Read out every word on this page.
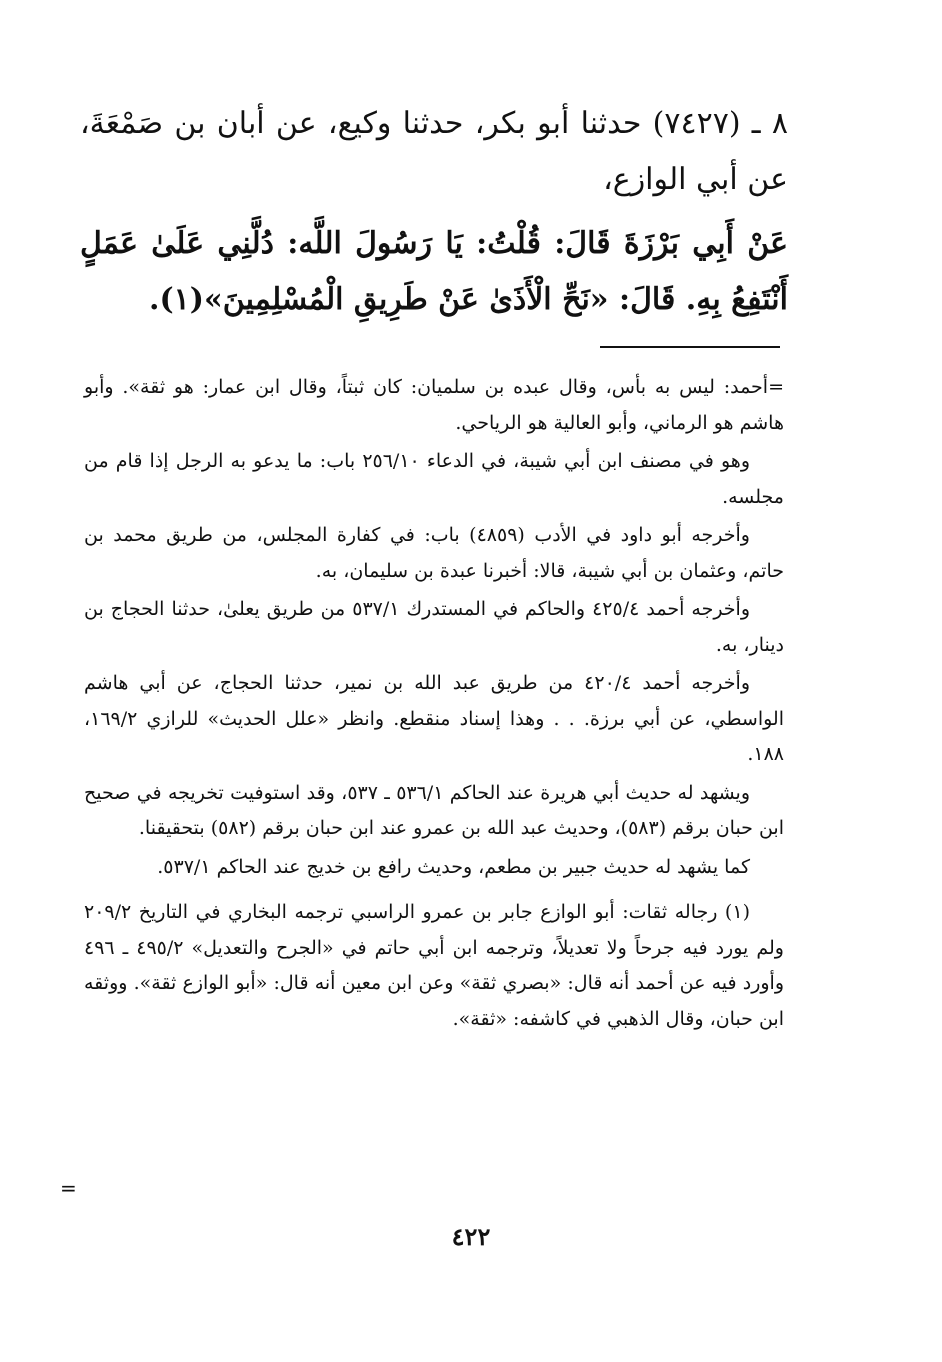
٨ ـ (٧٤٢٧) حدثنا أبو بكر، حدثنا وكيع، عن أبان بن صَمْعَةَ، عن أبي الوازع،

عَنْ أَبِي بَرْزَةَ قَالَ: قُلْتُ: يَا رَسُولَ اللَّه: دُلَّنِي عَلَىٰ عَمَلٍ أَنْتَفِعُ بِهِ. قَالَ: «نَحِّ الْأَذَىٰ عَنْ طَرِيقِ الْمُسْلِمِينَ»(١).

=أحمد: ليس به بأس، وقال عبده بن سلميان: كان ثبتاً، وقال ابن عمار: هو ثقة». وأبو هاشم هو الرماني، وأبو العالية هو الرياحي.

وهو في مصنف ابن أبي شيبة، في الدعاء ٢٥٦/١٠ باب: ما يدعو به الرجل إذا قام من مجلسه.

وأخرجه أبو داود في الأدب (٤٨٥٩) باب: في كفارة المجلس، من طريق محمد بن حاتم، وعثمان بن أبي شيبة، قالا: أخبرنا عبدة بن سليمان، به.

وأخرجه أحمد ٤٢٥/٤ والحاكم في المستدرك ٥٣٧/١ من طريق يعلىٰ، حدثنا الحجاج بن دينار، به.

وأخرجه أحمد ٤٢٠/٤ من طريق عبد الله بن نمير، حدثنا الحجاج، عن أبي هاشم الواسطي، عن أبي برزة. . . وهذا إسناد منقطع. وانظر «علل الحديث» للرازي ١٦٩/٢، ١٨٨.

ويشهد له حديث أبي هريرة عند الحاكم ٥٣٦/١ ـ ٥٣٧، وقد استوفيت تخريجه في صحيح ابن حبان برقم (٥٨٣)، وحديث عبد الله بن عمرو عند ابن حبان برقم (٥٨٢) بتحقيقنا.

كما يشهد له حديث جبير بن مطعم، وحديث رافع بن خديج عند الحاكم ٥٣٧/١.

(١) رجاله ثقات: أبو الوازع جابر بن عمرو الراسبي ترجمه البخاري في التاريخ ٢٠٩/٢ ولم يورد فيه جرحاً ولا تعديلاً، وترجمه ابن أبي حاتم في «الجرح والتعديل» ٤٩٥/٢ ـ ٤٩٦ وأورد فيه عن أحمد أنه قال: «بصري ثقة» وعن ابن معين أنه قال: «أبو الوازع ثقة». ووثقه ابن حبان، وقال الذهبي في كاشفه: «ثقة».

=
٤٢٢
